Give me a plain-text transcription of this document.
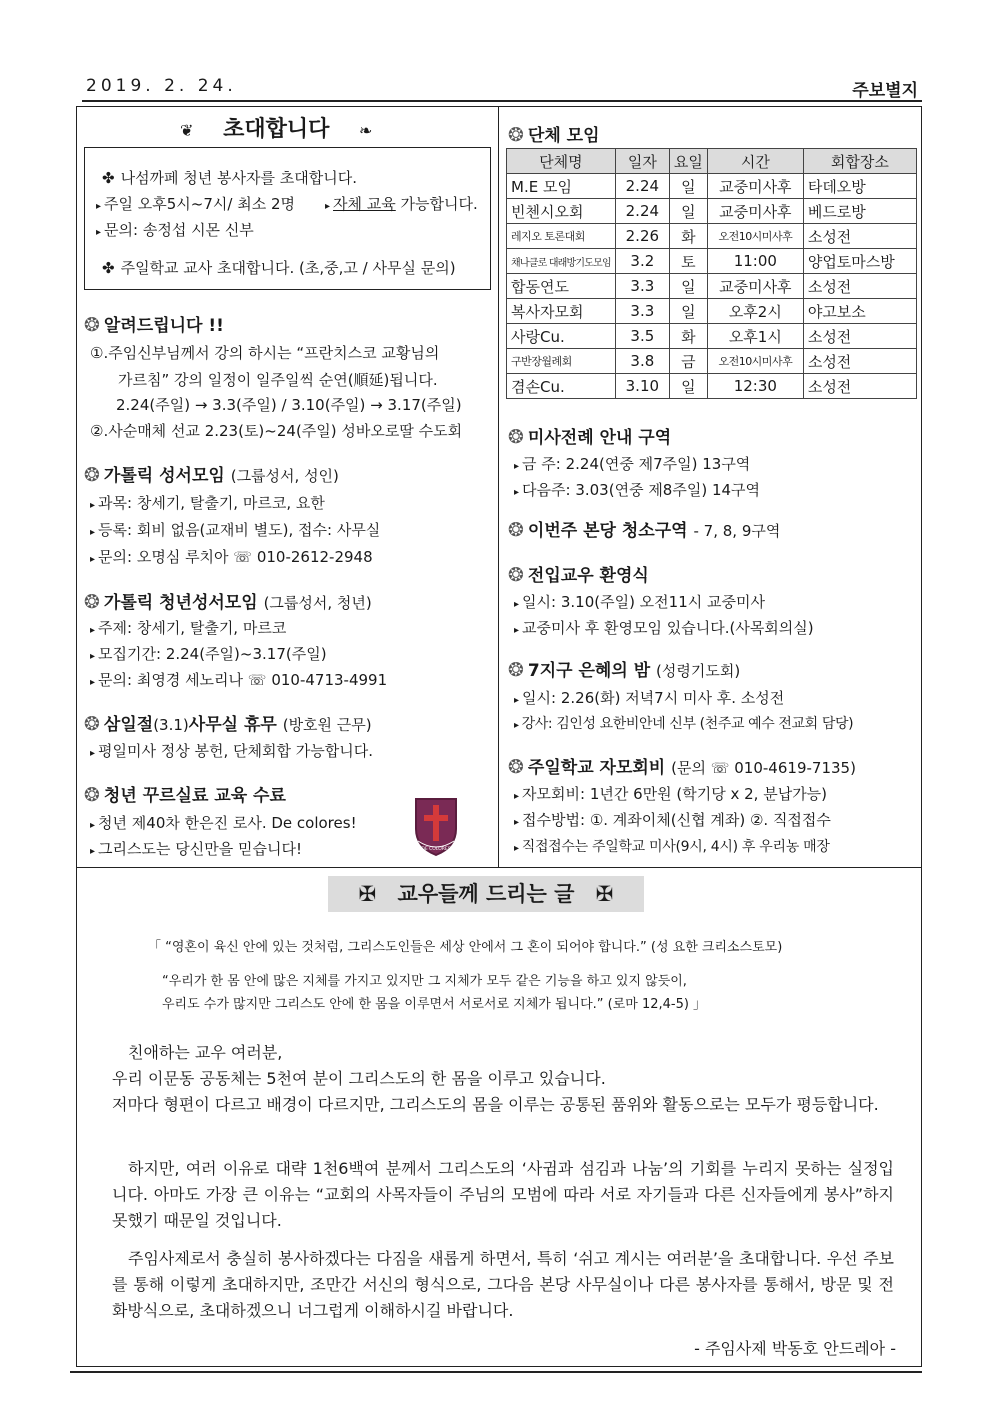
2019. 2. 24.	주보별지
❦ 초대합니다 ❧
✤ 나섬까페 청년 봉사자를 초대합니다.
▸ 주일 오후5시~7시/ 최소 2명	▸ 자체 교육 가능합니다.
▸ 문의: 송정섭 시몬 신부
✤ 주일학교 교사 초대합니다. (초,중,고 / 사무실 문의)
❂ 알려드립니다 !!
①.주임신부님께서 강의 하시는 “프란치스코 교황님의
가르침” 강의 일정이 일주일씩 순연(順延)됩니다.
2.24(주일) → 3.3(주일) / 3.10(주일) → 3.17(주일)
②.사순매체 선교 2.23(토)~24(주일) 성바오로딸 수도회
❂ 가톨릭 성서모임 (그룹성서, 성인)
▸ 과목: 창세기, 탈출기, 마르코, 요한
▸ 등록: 회비 없음(교재비 별도), 접수: 사무실
▸ 문의: 오명심 루치아 ☏ 010-2612-2948
❂ 가톨릭 청년성서모임 (그룹성서, 청년)
▸ 주제: 창세기, 탈출기, 마르코
▸ 모집기간: 2.24(주일)~3.17(주일)
▸ 문의: 최영경 세노리나 ☏ 010-4713-4991
❂ 삼일절(3.1)사무실 휴무 (방호원 근무)
▸ 평일미사 정상 봉헌, 단체회합 가능합니다.
❂ 청년 꾸르실료 교육 수료
▸ 청년 제40차 한은진 로사. De colores!
▸ 그리스도는 당신만을 믿습니다!	DE COLORES
❂ 단체 모임
단체명	일자	요일	시간	회합장소
M.E 모임	2.24	일	교중미사후	타데오방
빈첸시오회	2.24	일	교중미사후	베드로방
레지오 토론대회	2.26	화	오전10시미사후	소성전
채나클로 대래방기도모임	3.2	토	11:00	양업토마스방
합동연도	3.3	일	교중미사후	소성전
복사자모회	3.3	일	오후2시	야고보소
사랑Cu.	3.5	화	오후1시	소성전
구반장월례회	3.8	금	오전10시미사후	소성전
겸손Cu.	3.10	일	12:30	소성전
❂ 미사전례 안내 구역
▸ 금 주: 2.24(연중 제7주일) 13구역
▸ 다음주: 3.03(연중 제8주일) 14구역
❂ 이번주 본당 청소구역 - 7, 8, 9구역
❂ 전입교우 환영식
▸ 일시: 3.10(주일) 오전11시 교중미사
▸ 교중미사 후 환영모임 있습니다.(사목회의실)
❂ 7지구 은혜의 밤 (성령기도회)
▸ 일시: 2.26(화) 저녁7시 미사 후. 소성전
▸ 강사: 김인성 요한비안네 신부 (천주교 예수 전교회 담당)
❂ 주일학교 자모회비 (문의 ☏ 010-4619-7135)
▸ 자모회비: 1년간 6만원 (학기당 x 2, 분납가능)
▸ 접수방법: ①. 계좌이체(신협 계좌) ②. 직접접수
▸ 직접접수는 주일학교 미사(9시, 4시) 후 우리농 매장
✠ 교우들께 드리는 글 ✠
「 “영혼이 육신 안에 있는 것처럼, 그리스도인들은 세상 안에서 그 혼이 되어야 합니다.” (성 요한 크리소스토모)
“우리가 한 몸 안에 많은 지체를 가지고 있지만 그 지체가 모두 같은 기능을 하고 있지 않듯이,
우리도 수가 많지만 그리스도 안에 한 몸을 이루면서 서로서로 지체가 됩니다.” (로마 12,4-5) 」
친애하는 교우 여러분,
우리 이문동 공동체는 5천여 분이 그리스도의 한 몸을 이루고 있습니다.
저마다 형편이 다르고 배경이 다르지만, 그리스도의 몸을 이루는 공통된 품위와 활동으로는 모두가 평등합니다.
하지만, 여러 이유로 대략 1천6백여 분께서 그리스도의 ‘사귐과 섬김과 나눔’의 기회를 누리지 못하는 실정입니다. 아마도 가장 큰 이유는 “교회의 사목자들이 주님의 모범에 따라 서로 자기들과 다른 신자들에게 봉사”하지 못했기 때문일 것입니다.
주임사제로서 충실히 봉사하겠다는 다짐을 새롭게 하면서, 특히 ‘쉬고 계시는 여러분’을 초대합니다. 우선 주보를 통해 이렇게 초대하지만, 조만간 서신의 형식으로, 그다음 본당 사무실이나 다른 봉사자를 통해서, 방문 및 전화방식으로, 초대하겠으니 너그럽게 이해하시길 바랍니다.
- 주임사제 박동호 안드레아 -
